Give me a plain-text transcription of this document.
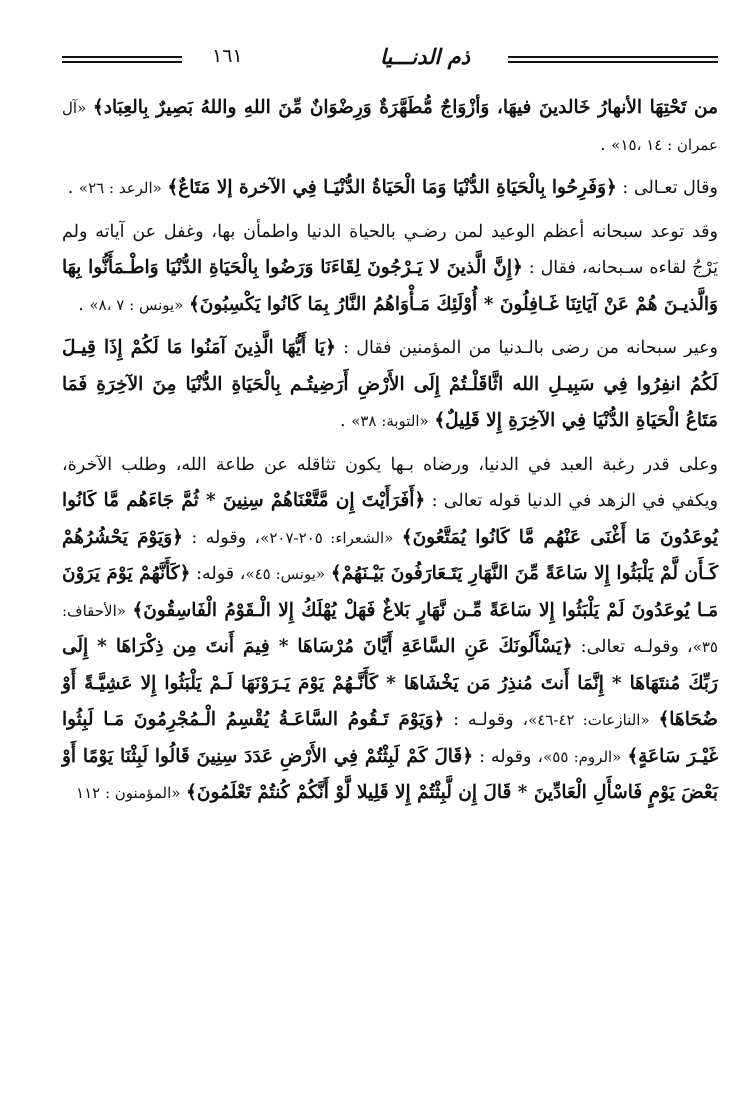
ذم الدنـــيا
١٦١

من تَحْتِهَا الأنهارُ خَالدينَ فيهَا، وَأزْوَاجٌ مُّطَهَّرَةٌ وَرِضْوَانٌ مِّنَ اللهِ واللهُ بَصِيرٌ بِالعِبَاد﴾ «آل عمران : ١٤ ،١٥» .

وقال تعـالى : ﴿وَفَرِحُوا بِالْحَيَاةِ الدُّنْيَا وَمَا الْحَيَاةُ الدُّنْيَـا فِي الآخرة إلا مَتَاعٌ﴾ «الرعد : ٢٦» .

وقد توعد سبحانه أعظم الوعيد لمن رضـي بالحياة الدنيا واطمأن بها، وغفل عن آياته ولم يَرْجُ لقاءه سـبحانه، فقال : ﴿إِنَّ الَّذينَ لا يَـرْجُونَ لِقَاءَنَا وَرَضُوا بِالْحَيَاةِ الدُّنْيَا وَاطْـمَأَنُّوا بِهَا وَالَّذيـنَ هُمْ عَنْ آيَاتِنَا غَـافِلُونَ * أُوْلَئِكَ مَـأْوَاهُمُ النَّارُ بِمَا كَانُوا يَكْسِبُونَ﴾ «يونس : ٧ ،٨» .

وعير سبحانه من رضى بالـدنيا من المؤمنين فقال : ﴿يَا أَيُّهَا الَّذِينَ آمَنُوا مَا لَكُمْ إِذَا قِيـلَ لَكُمُ انفِرُوا فِي سَبِيـلِ الله اثَّاقَلْـتُمْ إِلَى الأَرْضِ أَرَضِيتُـم بِالْحَيَاةِ الدُّنْيَا مِنَ الآخِرَةِ فَمَا مَتَاعُ الْحَيَاةِ الدُّنْيَا فِي الآخِرَةِ إِلا قَلِيلٌ﴾ «التوبة: ٣٨» .

وعلى قدر رغبة العبد في الدنيا، ورضاه بـها يكون تثاقله عن طاعة الله، وطلب الآخرة، ويكفي في الزهد في الدنيا قوله تعالى : ﴿أَفَرَأَيْتَ إِن مَّتَّعْنَاهُمْ سِنِينَ * ثُمَّ جَاءَهُم مَّا كَانُوا يُوعَدُونَ مَا أَغْنَى عَنْهُم مَّا كَانُوا يُمَتَّعُونَ﴾ «الشعراء: ٢٠٥-٢٠٧»، وقوله : ﴿وَيَوْمَ يَحْشُرُهُمْ كَـأَن لَّمْ يَلْبَثُوا إِلا سَاعَةً مِّنَ النَّهَارِ يَتَـعَارَفُونَ بَيْـنَهُمْ﴾ «يونس: ٤٥»، قوله: ﴿كَأَنَّهُمْ يَوْمَ يَرَوْنَ مَـا يُوعَدُونَ لَمْ يَلْبَثُوا إِلا سَاعَةً مِّـن نَّهَارٍ بَلاغٌ فَهَلْ يُهْلَكُ إِلا الْـقَوْمُ الْفَاسِقُونَ﴾ «الأحقاف: ٣٥»، وقولـه تعالى: ﴿يَسْأَلُونَكَ عَنِ السَّاعَةِ أَيَّانَ مُرْسَاهَا * فِيمَ أَنتَ مِن ذِكْرَاهَا * إِلَى رَبِّكَ مُنتَهَاهَا * إِنَّمَا أَنتَ مُنذِرُ مَن يَخْشَاهَا * كَأَنَّـهُمْ يَوْمَ يَـرَوْنَهَا لَـمْ يَلْبَثُوا إِلا عَشِيَّـةً أَوْ ضُحَاهَا﴾ «النازعات: ٤٢-٤٦»، وقولـه : ﴿وَيَوْمَ تَـقُومُ السَّاعَـةُ يُقْسِمُ الْـمُجْرِمُونَ مَـا لَبِثُوا غَيْـرَ سَاعَةٍ﴾ «الروم: ٥٥»، وقوله : ﴿قَالَ كَمْ لَبِثْتُمْ فِي الأَرْضِ عَدَدَ سِنِينَ قَالُوا لَبِثْنَا يَوْمًا أَوْ بَعْضَ يَوْمٍ فَاسْأَلِ الْعَادِّينَ * قَالَ إِن لَّبِثْتُمْ إِلا قَلِيلا لَّوْ أَنَّكُمْ كُنتُمْ تَعْلَمُونَ﴾ «المؤمنون : ١١٢
